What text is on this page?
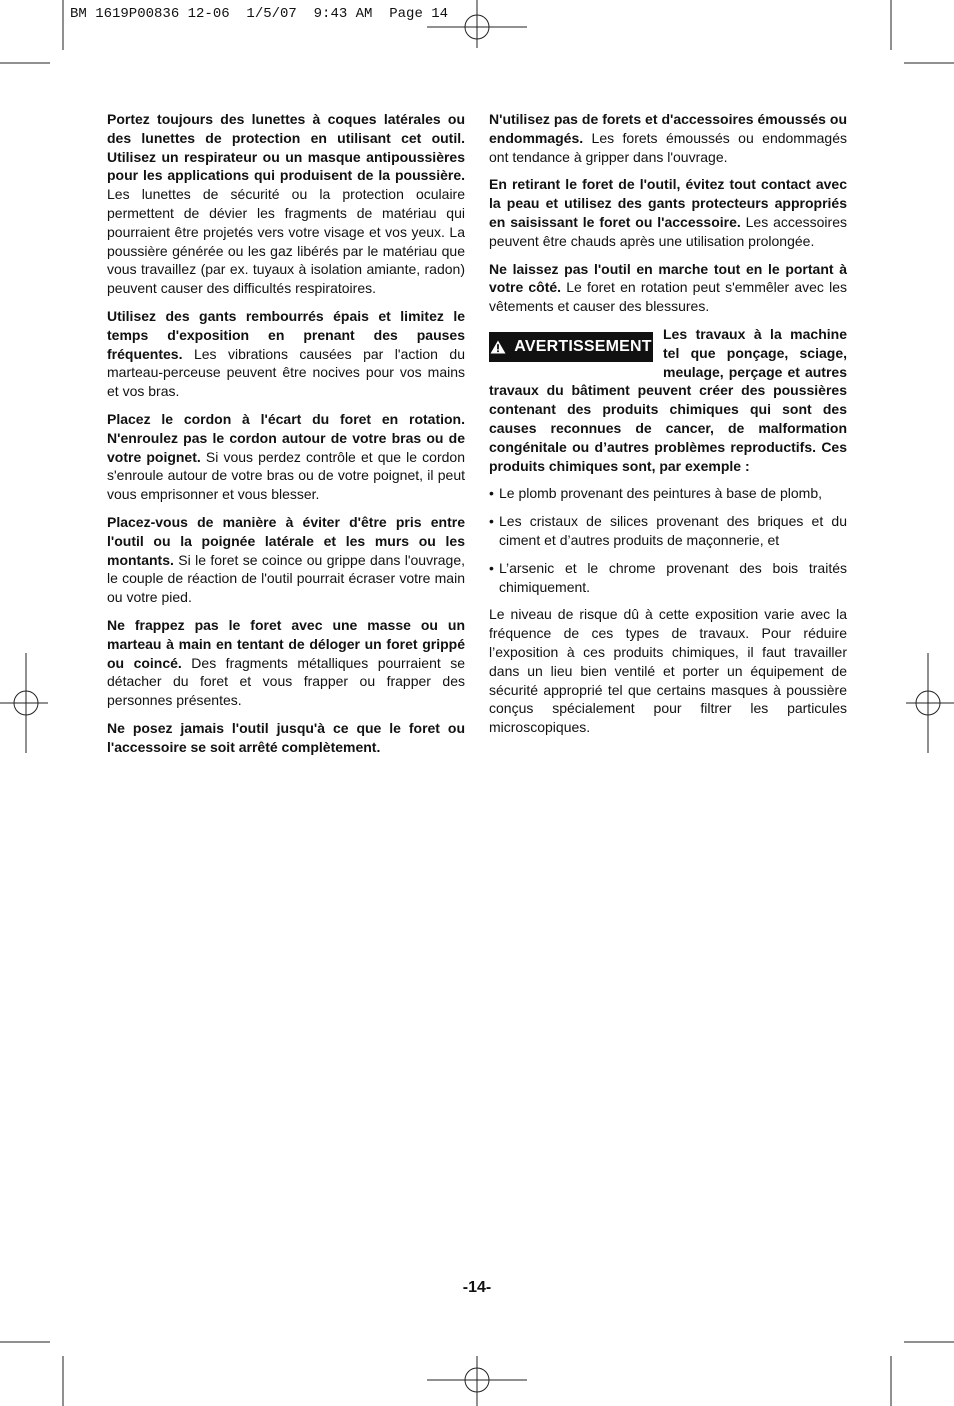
BM 1619P00836 12-06  1/5/07  9:43 AM  Page 14

Portez toujours des lunettes à coques latérales ou des lunettes de protection en utilisant cet outil. Utilisez un respirateur ou un masque antipoussières pour les applications qui produisent de la poussière. Les lunettes de sécurité ou la protection oculaire permettent de dévier les fragments de matériau qui pourraient être projetés vers votre visage et vos yeux. La poussière générée ou les gaz libérés par le matériau que vous travaillez (par ex. tuyaux à isolation amiante, radon) peuvent causer des difficultés respiratoires.

Utilisez des gants rembourrés épais et limitez le temps d'exposition en prenant des pauses fréquentes. Les vibrations causées par l'action du marteau-perceuse peuvent être nocives pour vos mains et vos bras.

Placez le cordon à l'écart du foret en rotation. N'enroulez pas le cordon autour de votre bras ou de votre poignet. Si vous perdez contrôle et que le cordon s'enroule autour de votre bras ou de votre poignet, il peut vous emprisonner et vous blesser.

Placez-vous de manière à éviter d'être pris entre l'outil ou la poignée latérale et les murs ou les montants. Si le foret se coince ou grippe dans l'ouvrage, le couple de réaction de l'outil pourrait écraser votre main ou votre pied.

Ne frappez pas le foret avec une masse ou un marteau à main en tentant de déloger un foret grippé ou coincé. Des fragments métalliques pourraient se détacher du foret et vous frapper ou frapper des personnes présentes.

Ne posez jamais l'outil jusqu'à ce que le foret ou l'accessoire se soit arrêté complètement.

N'utilisez pas de forets et d'accessoires émoussés ou endommagés. Les forets émoussés ou endommagés ont tendance à gripper dans l'ouvrage.

En retirant le foret de l'outil, évitez tout contact avec la peau et utilisez des gants protecteurs appropriés en saisissant le foret ou l'accessoire. Les accessoires peuvent être chauds après une utilisation prolongée.

Ne laissez pas l'outil en marche tout en le portant à votre côté. Le foret en rotation peut s'emmêler avec les vêtements et causer des blessures.

AVERTISSEMENT

Les travaux à la machine tel que ponçage, sciage, meulage, perçage et autres travaux du bâtiment peuvent créer des poussières contenant des produits chimiques qui sont des causes reconnues de cancer, de malformation congénitale ou d’autres problèmes reproductifs. Ces produits chimiques sont, par exemple :

• Le plomb provenant des peintures à base de plomb,

• Les cristaux de silices provenant des briques et du ciment et d’autres produits de maçonnerie, et

• L’arsenic et le chrome provenant des bois traités chimiquement.

Le niveau de risque dû à cette exposition varie avec la fréquence de ces types de travaux. Pour réduire l’exposition à ces produits chimiques, il faut travailler dans un lieu bien ventilé et porter un équipement de sécurité approprié tel que certains masques à poussière conçus spécialement pour filtrer les particules microscopiques.

-14-
